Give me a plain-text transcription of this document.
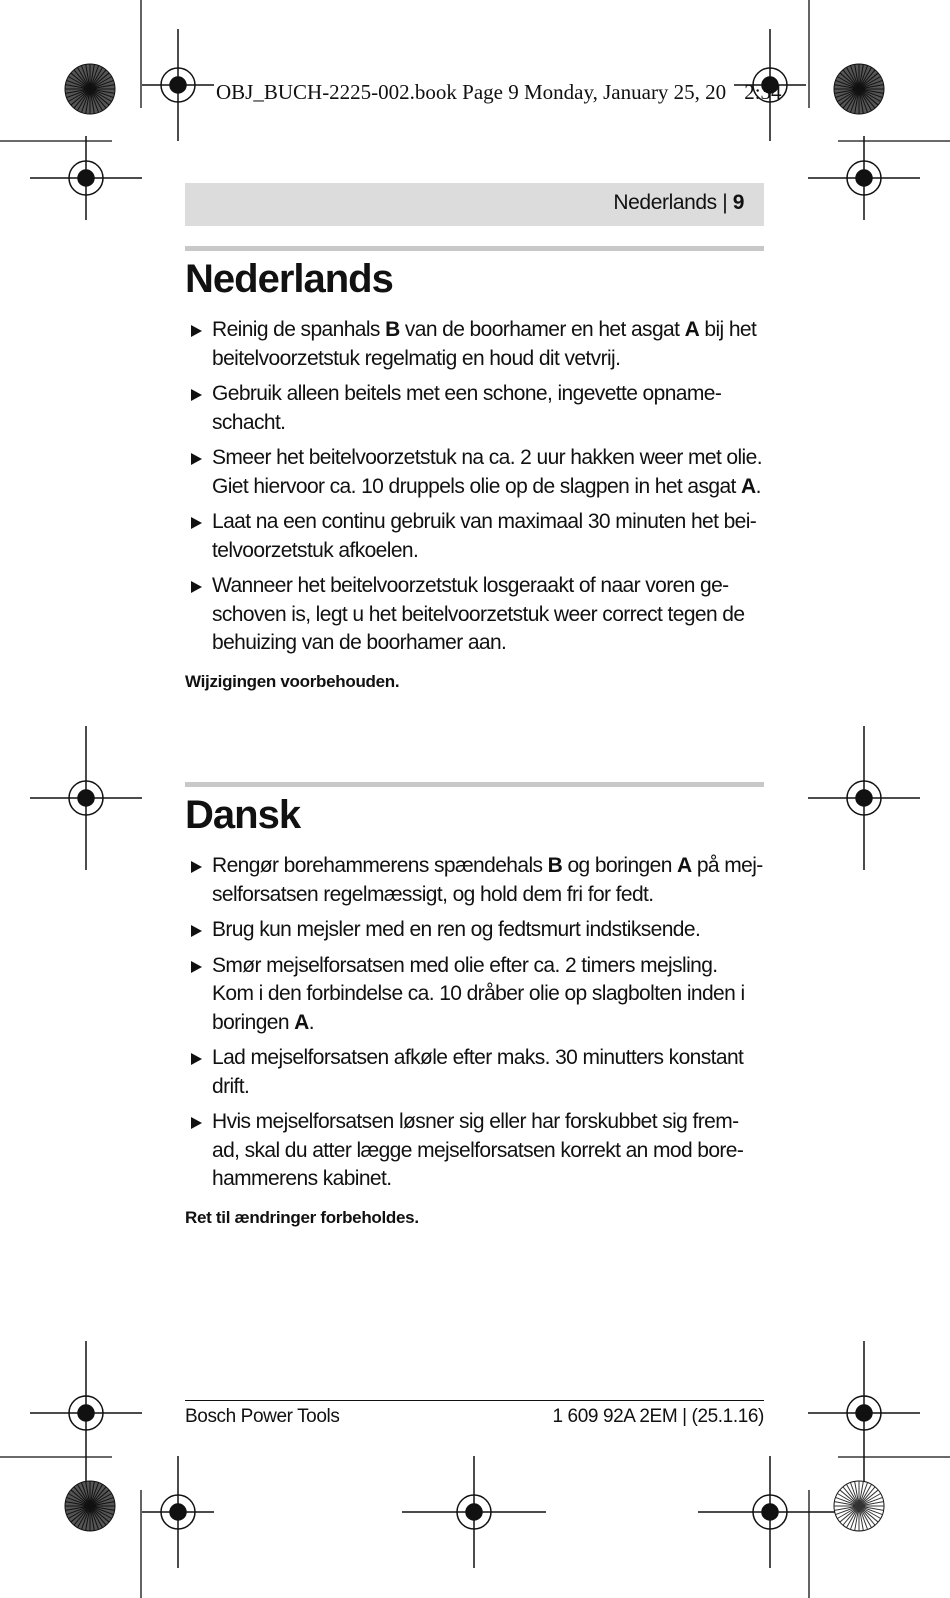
OBJ_BUCH-2225-002.book Page 9 Monday, January 25, 20 2:34
Nederlands | 9
Nederlands
Reinig de spanhals B van de boorhamer en het asgat A bij het beitelvoorzetstuk regelmatig en houd dit vetvrij.
Gebruik alleen beitels met een schone, ingevette opname-schacht.
Smeer het beitelvoorzetstuk na ca. 2 uur hakken weer met olie. Giet hiervoor ca. 10 druppels olie op de slagpen in het asgat A.
Laat na een continu gebruik van maximaal 30 minuten het bei-telvoorzetstuk afkoelen.
Wanneer het beitelvoorzetstuk losgeraakt of naar voren ge-schoven is, legt u het beitelvoorzetstuk weer correct tegen de behuizing van de boorhamer aan.
Wijzigingen voorbehouden.
Dansk
Rengør borehammerens spændehals B og boringen A på mej-selforsatsen regelmæssigt, og hold dem fri for fedt.
Brug kun mejsler med en ren og fedtsmurt indstiksende.
Smør mejselforsatsen med olie efter ca. 2 timers mejsling. Kom i den forbindelse ca. 10 dråber olie op slagbolten inden i boringen A.
Lad mejselforsatsen afkøle efter maks. 30 minutters konstant drift.
Hvis mejselforsatsen løsner sig eller har forskubbet sig frem-ad, skal du atter lægge mejselforsatsen korrekt an mod bore-hammerens kabinet.
Ret til ændringer forbeholdes.
Bosch Power Tools	1 609 92A 2EM | (25.1.16)
